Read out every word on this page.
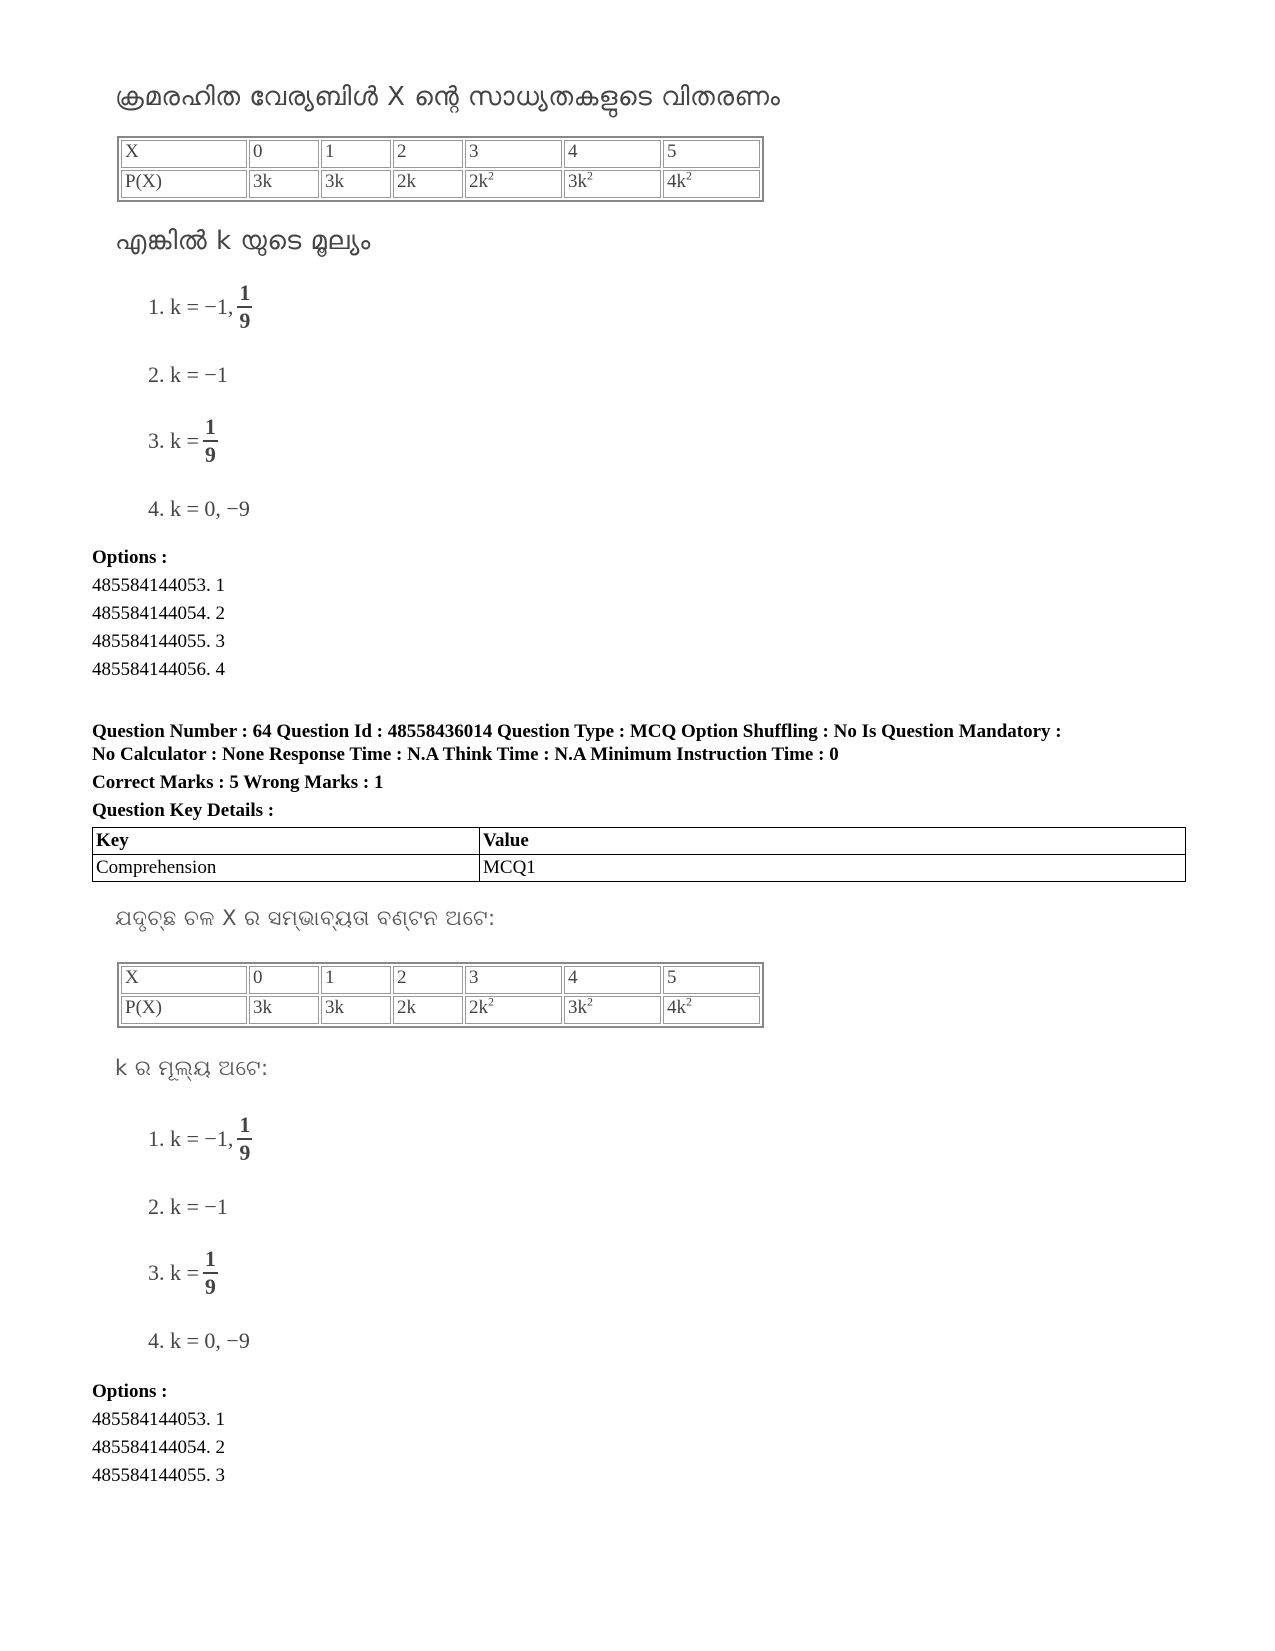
ക്രമരഹിത വേര്യബിൾ X ന്റെ സാധ്യതകളുടെ വിതരണം
X	0	1	2	3	4	5
P(X)	3k	3k	2k	$2k^2$	$3k^2$	$4k^2$
എങ്കിൽ k യുടെ മൂല്യം
1. k = −1, $\frac{1}{9}$
2. k = −1
3. $k = \frac{1}{9}$
4. k = 0, −9
Options :
485584144053. 1
485584144054. 2
485584144055. 3
485584144056. 4
Question Number : 64 Question Id : 48558436014 Question Type : MCQ Option Shuffling : No Is Question Mandatory :
No Calculator : None Response Time : N.A Think Time : N.A Minimum Instruction Time : 0
Correct Marks : 5 Wrong Marks : 1
Question Key Details :
Key	Value
Comprehension	MCQ1
ଯଦୃଚ୍ଛ ଚଳ X ର ସମ୍ଭାବ୍ୟତା ବଣ୍ଟନ ଅଟେ:
X	0	1	2	3	4	5
P(X)	3k	3k	2k	$2k^2$	$3k^2$	$4k^2$
k ର ମୂଲ୍ୟ ଅଟେ:
1. k = −1, $\frac{1}{9}$
2. k = −1
3. $k = \frac{1}{9}$
4. k = 0, −9
Options :
485584144053. 1
485584144054. 2
485584144055. 3
